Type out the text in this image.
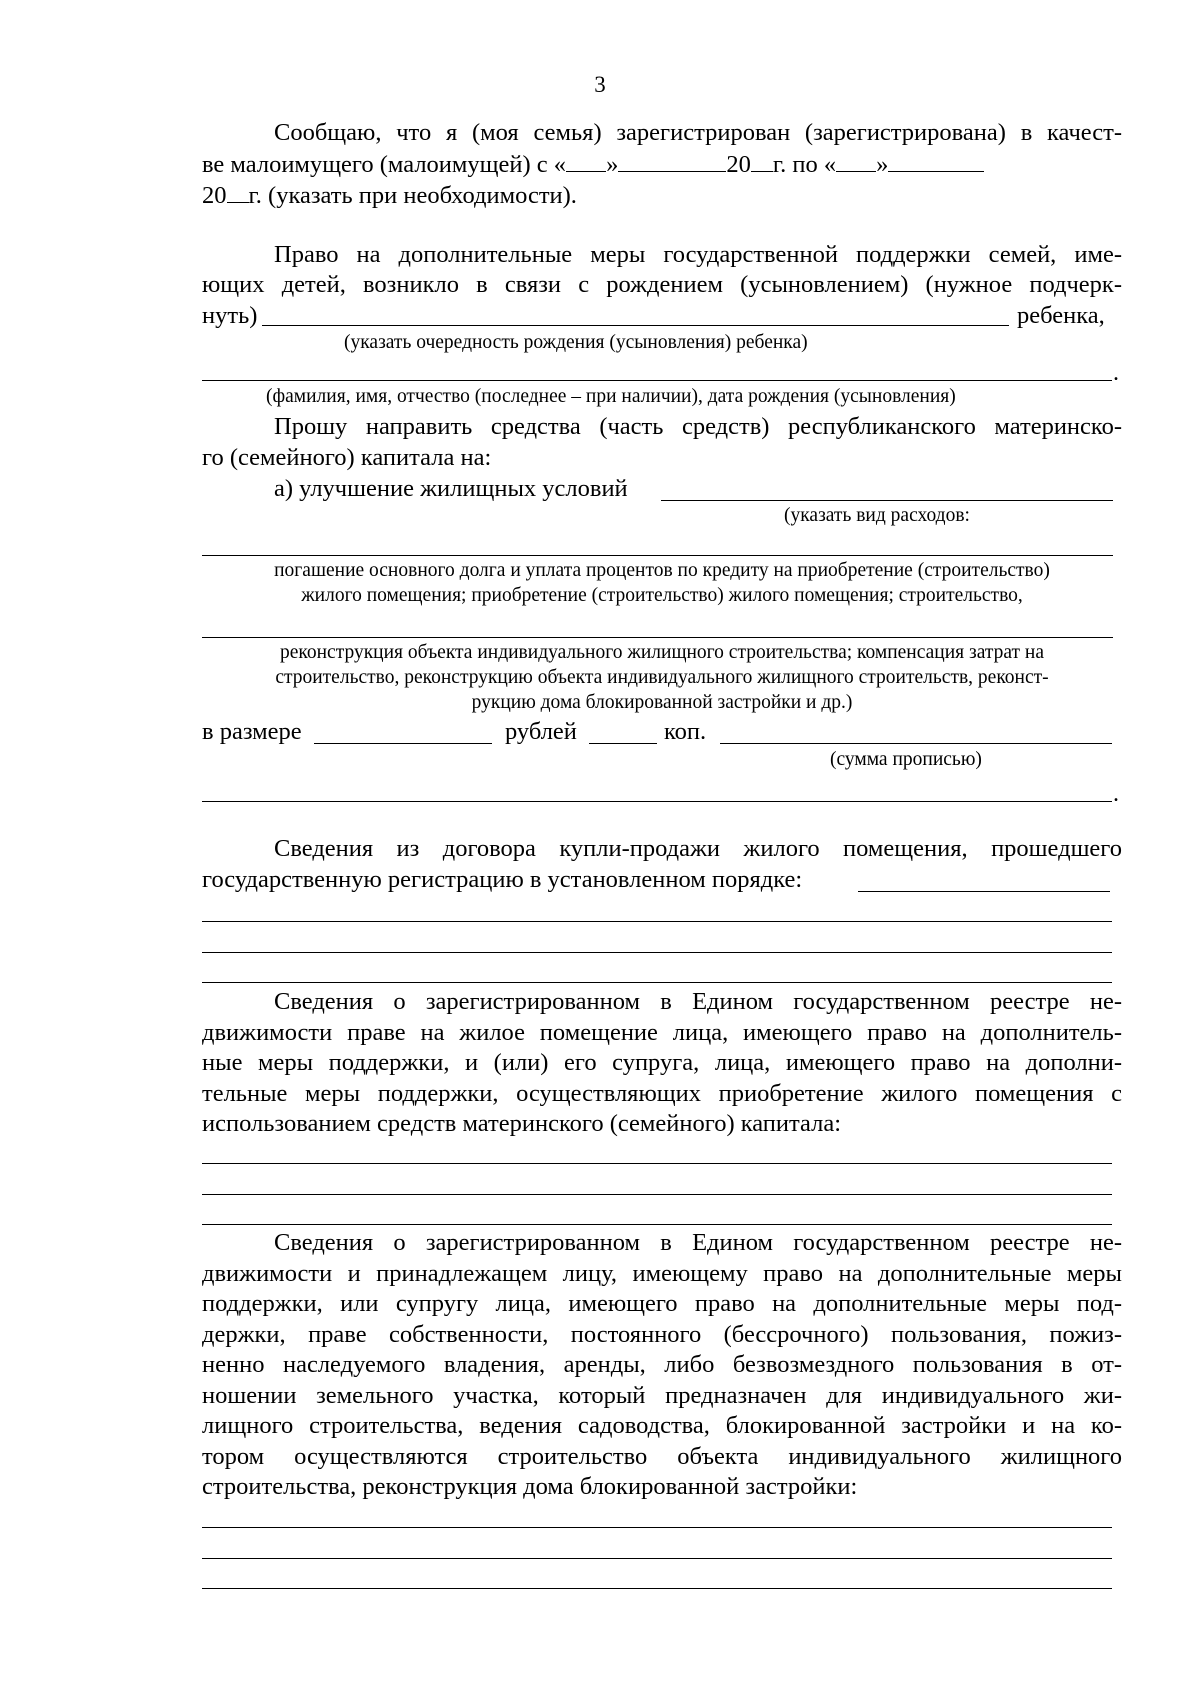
3
Сообщаю, что я (моя семья) зарегистрирован (зарегистрирована) в качест-
ве малоимущего (малоимущей) с « »	20 г. по « »
20 г. (указать при необходимости).
Право на дополнительные меры государственной поддержки семей, име-
ющих детей, возникло в связи с рождением (усыновлением) (нужное подчерк-
нуть)	ребенка,
(указать очередность рождения (усыновления) ребенка)
.
(фамилия, имя, отчество (последнее – при наличии), дата рождения (усыновления)
Прошу направить средства (часть средств) республиканского материнско-
го (семейного) капитала на:
а) улучшение жилищных условий
(указать вид расходов:
погашение основного долга и уплата процентов по кредиту на приобретение (строительство)
жилого помещения; приобретение (строительство) жилого помещения; строительство,
реконструкция объекта индивидуального жилищного строительства; компенсация затрат на
строительство, реконструкцию объекта индивидуального жилищного строительств, реконст-
рукцию дома блокированной застройки и др.)
в размере	рублей	коп.
(сумма прописью)
.
Сведения из договора купли-продажи жилого помещения, прошедшего
государственную регистрацию в установленном порядке:
Сведения о зарегистрированном в Едином государственном реестре не-
движимости праве на жилое помещение лица, имеющего право на дополнитель-
ные меры поддержки, и (или) его супруга, лица, имеющего право на дополни-
тельные меры поддержки, осуществляющих приобретение жилого помещения с
использованием средств материнского (семейного) капитала:
Сведения о зарегистрированном в Едином государственном реестре не-
движимости и принадлежащем лицу, имеющему право на дополнительные меры
поддержки, или супругу лица, имеющего право на дополнительные меры под-
держки, праве собственности, постоянного (бессрочного) пользования, пожиз-
ненно наследуемого владения, аренды, либо безвозмездного пользования в от-
ношении земельного участка, который предназначен для индивидуального жи-
лищного строительства, ведения садоводства, блокированной застройки и на ко-
тором осуществляются строительство объекта индивидуального жилищного
строительства, реконструкция дома блокированной застройки:
